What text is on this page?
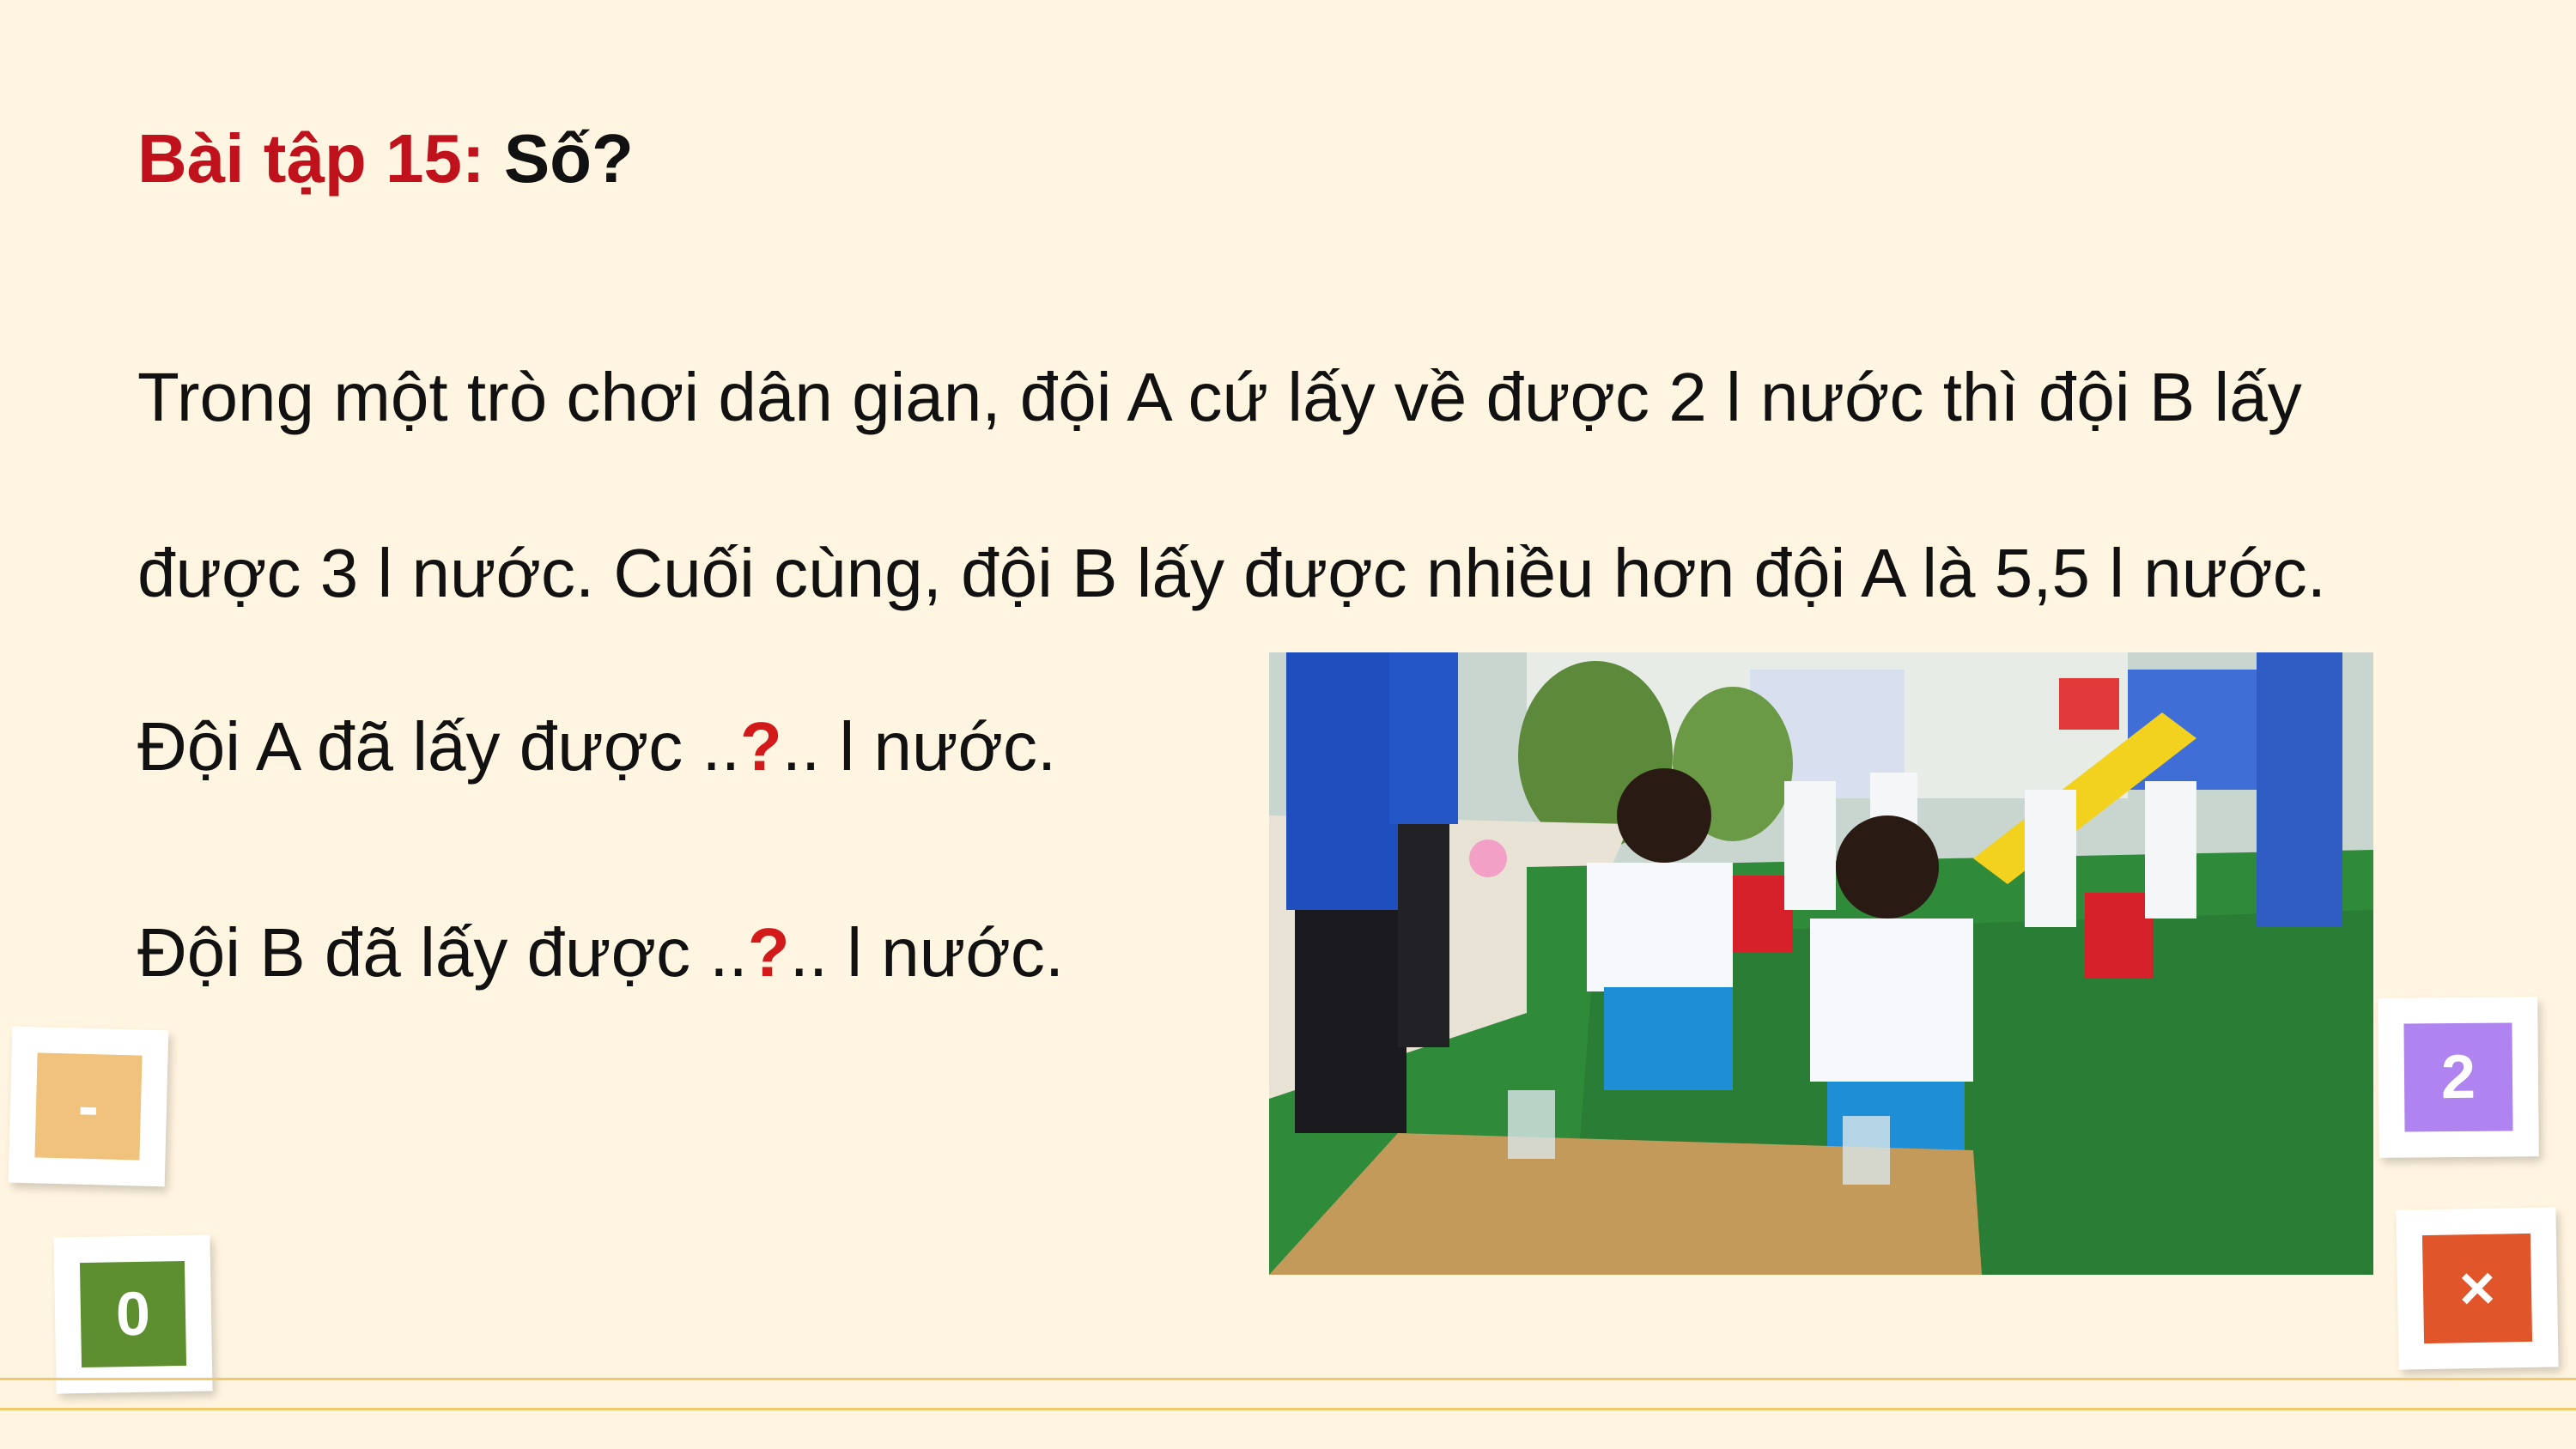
Bài tập 15: Số?

Trong một trò chơi dân gian, đội A cứ lấy về được 2 l nước thì đội B lấy

được 3 l nước. Cuối cùng, đội B lấy được nhiều hơn đội A là 5,5 l nước.

Đội A đã lấy được ..?.. l nước.

Đội B đã lấy được ..?.. l nước.

-
0
2
×
